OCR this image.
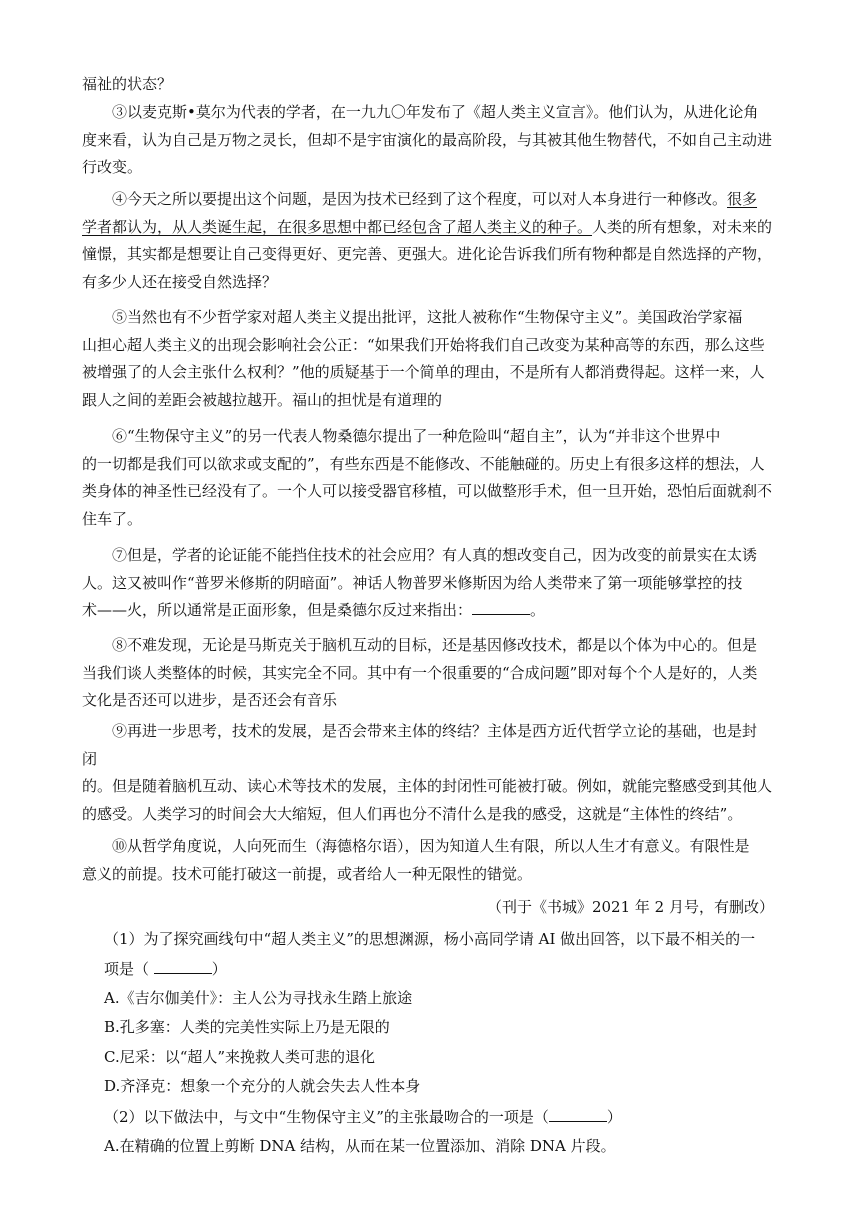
福祉的状态？
③以麦克斯•莫尔为代表的学者，在一九九〇年发布了《超人类主义宣言》。他们认为，从进化论角
度来看，认为自己是万物之灵长，但却不是宇宙演化的最高阶段，与其被其他生物替代，不如自己主动进
行改变。
④今天之所以要提出这个问题，是因为技术已经到了这个程度，可以对人本身进行一种修改。很多
学者都认为，从人类诞生起，在很多思想中都已经包含了超人类主义的种子。人类的所有想象，对未来的
憧憬，其实都是想要让自己变得更好、更完善、更强大。进化论告诉我们所有物种都是自然选择的产物，
有多少人还在接受自然选择？
⑤当然也有不少哲学家对超人类主义提出批评，这批人被称作“生物保守主义”。美国政治学家福
山担心超人类主义的出现会影响社会公正：“如果我们开始将我们自己改变为某种高等的东西，那么这些
被增强了的人会主张什么权利？”他的质疑基于一个简单的理由，不是所有人都消费得起。这样一来，人
跟人之间的差距会被越拉越开。福山的担忧是有道理的
⑥“生物保守主义”的另一代表人物桑德尔提出了一种危险叫“超自主”，认为“并非这个世界中
的一切都是我们可以欲求或支配的”，有些东西是不能修改、不能触碰的。历史上有很多这样的想法，人
类身体的神圣性已经没有了。一个人可以接受器官移植，可以做整形手术，但一旦开始，恐怕后面就刹不
住车了。
⑦但是，学者的论证能不能挡住技术的社会应用？有人真的想改变自己，因为改变的前景实在太诱
人。这又被叫作“普罗米修斯的阴暗面”。神话人物普罗米修斯因为给人类带来了第一项能够掌控的技
术——火，所以通常是正面形象，但是桑德尔反过来指出：	。
⑧不难发现，无论是马斯克关于脑机互动的目标，还是基因修改技术，都是以个体为中心的。但是
当我们谈人类整体的时候，其实完全不同。其中有一个很重要的“合成问题”即对每个个人是好的，人类
文化是否还可以进步，是否还会有音乐
⑨再进一步思考，技术的发展，是否会带来主体的终结？主体是西方近代哲学立论的基础，也是封
闭
的。但是随着脑机互动、读心术等技术的发展，主体的封闭性可能被打破。例如，就能完整感受到其他人
的感受。人类学习的时间会大大缩短，但人们再也分不清什么是我的感受，这就是“主体性的终结”。
⑩从哲学角度说，人向死而生（海德格尔语），因为知道人生有限，所以人生才有意义。有限性是
意义的前提。技术可能打破这一前提，或者给人一种无限性的错觉。
（刊于《书城》2021 年 2 月号，有删改）
（1）为了探究画线句中“超人类主义”的思想渊源，杨小高同学请 AI 做出回答，以下最不相关的一
项是（	）
A.《吉尔伽美什》：主人公为寻找永生踏上旅途
B.孔多塞：人类的完美性实际上乃是无限的
C.尼采：以“超人”来挽救人类可悲的退化
D.齐泽克：想象一个充分的人就会失去人性本身
（2）以下做法中，与文中“生物保守主义”的主张最吻合的一项是（	）
A.在精确的位置上剪断 DNA 结构，从而在某一位置添加、消除 DNA 片段。
